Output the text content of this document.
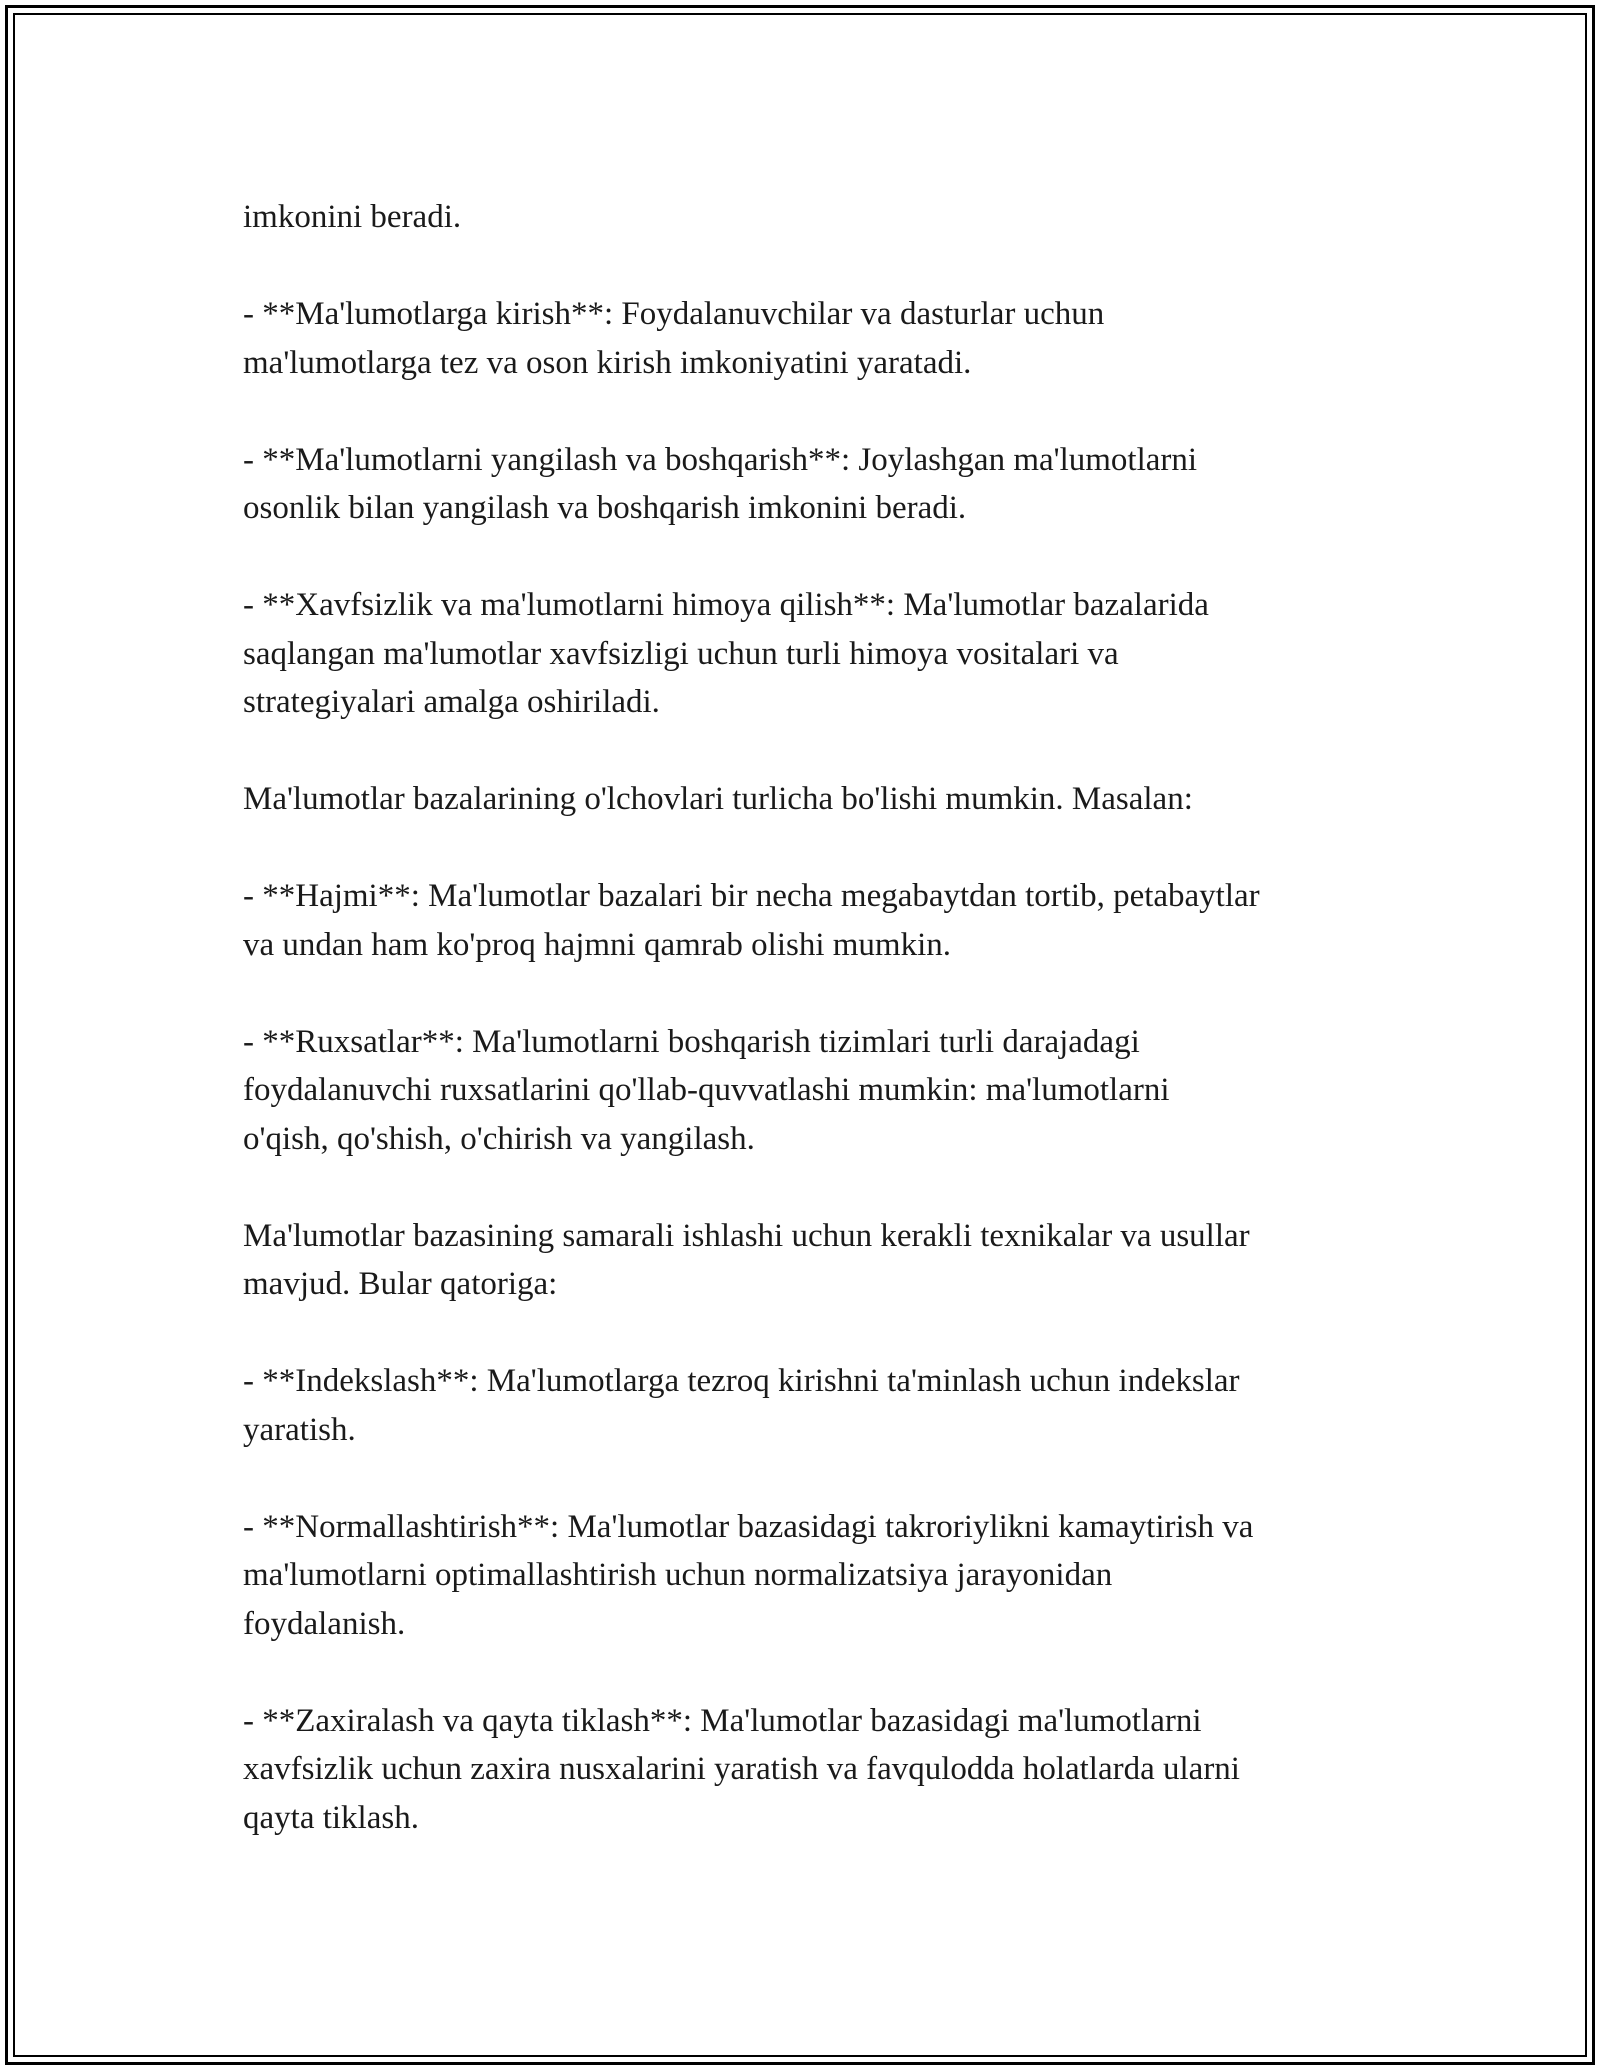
imkonini beradi.

- **Ma'lumotlarga kirish**: Foydalanuvchilar va dasturlar uchun
ma'lumotlarga tez va oson kirish imkoniyatini yaratadi.

- **Ma'lumotlarni yangilash va boshqarish**: Joylashgan ma'lumotlarni
osonlik bilan yangilash va boshqarish imkonini beradi.

- **Xavfsizlik va ma'lumotlarni himoya qilish**: Ma'lumotlar bazalarida
saqlangan ma'lumotlar xavfsizligi uchun turli himoya vositalari va
strategiyalari amalga oshiriladi.

Ma'lumotlar bazalarining o'lchovlari turlicha bo'lishi mumkin. Masalan:

- **Hajmi**: Ma'lumotlar bazalari bir necha megabaytdan tortib, petabaytlar
va undan ham ko'proq hajmni qamrab olishi mumkin.

- **Ruxsatlar**: Ma'lumotlarni boshqarish tizimlari turli darajadagi
foydalanuvchi ruxsatlarini qo'llab-quvvatlashi mumkin: ma'lumotlarni
o'qish, qo'shish, o'chirish va yangilash.

Ma'lumotlar bazasining samarali ishlashi uchun kerakli texnikalar va usullar
mavjud. Bular qatoriga:

- **Indekslash**: Ma'lumotlarga tezroq kirishni ta'minlash uchun indekslar
yaratish.

- **Normallashtirish**: Ma'lumotlar bazasidagi takroriylikni kamaytirish va
ma'lumotlarni optimallashtirish uchun normalizatsiya jarayonidan
foydalanish.

- **Zaxiralash va qayta tiklash**: Ma'lumotlar bazasidagi ma'lumotlarni
xavfsizlik uchun zaxira nusxalarini yaratish va favqulodda holatlarda ularni
qayta tiklash.
